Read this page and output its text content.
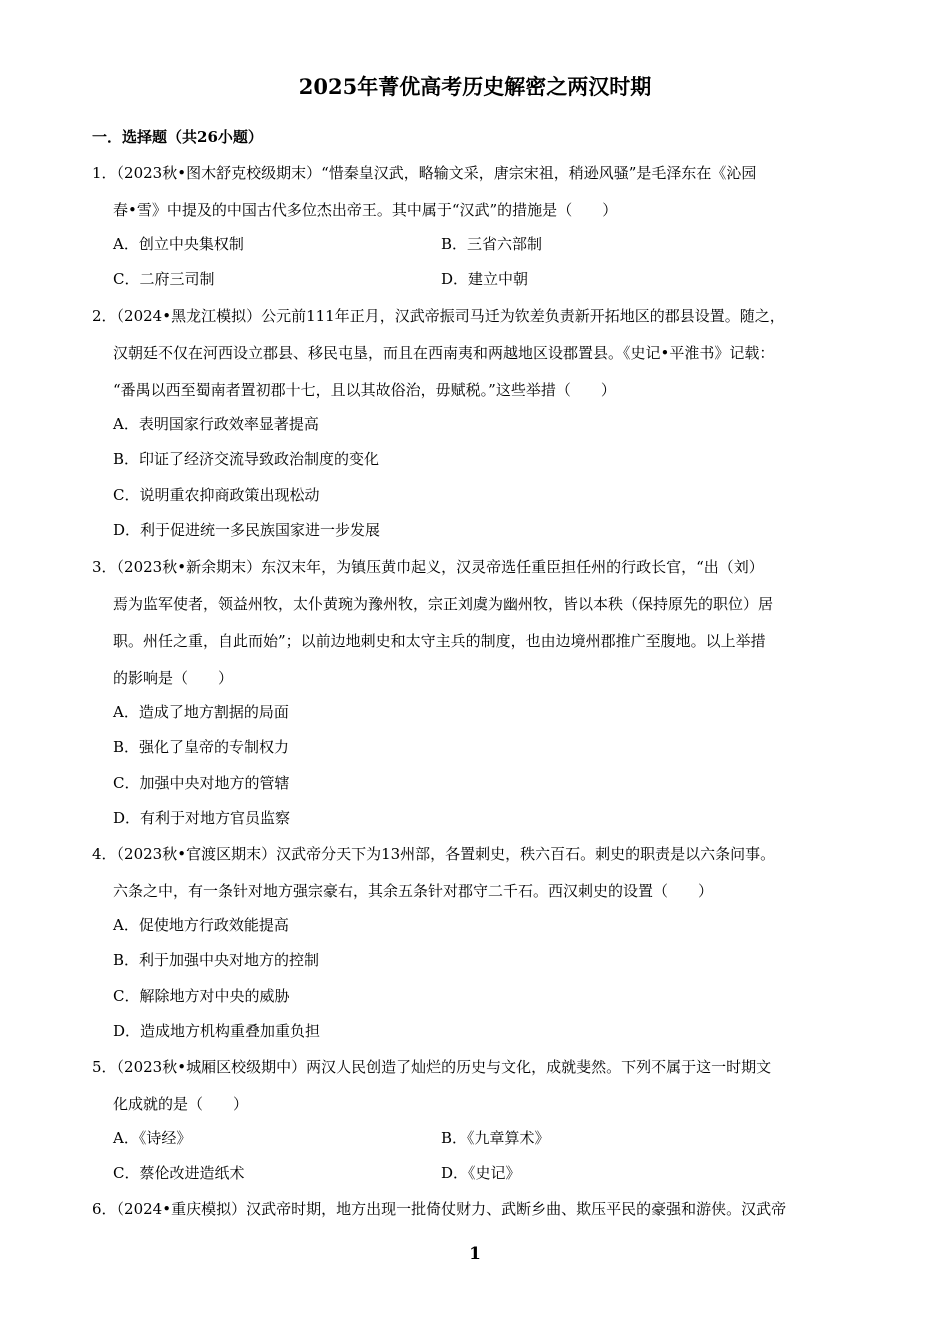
2025年菁优高考历史解密之两汉时期
一．选择题（共26小题）
1．（2023秋•图木舒克校级期末）“惜秦皇汉武，略输文采，唐宗宋祖，稍逊风骚”是毛泽东在《沁园
春•雪》中提及的中国古代多位杰出帝王。其中属于“汉武”的措施是（　　）
A．创立中央集权制	B．三省六部制
C．二府三司制	D．建立中朝
2．（2024•黑龙江模拟）公元前111年正月，汉武帝振司马迁为钦差负责新开拓地区的郡县设置。随之，
汉朝廷不仅在河西设立郡县、移民屯垦，而且在西南夷和两越地区设郡置县。《史记•平淮书》记载：
“番禺以西至蜀南者置初郡十七，且以其故俗治，毋赋税。”这些举措（　　）
A．表明国家行政效率显著提高
B．印证了经济交流导致政治制度的变化
C．说明重农抑商政策出现松动
D．利于促进统一多民族国家进一步发展
3．（2023秋•新余期末）东汉末年，为镇压黄巾起义，汉灵帝选任重臣担任州的行政长官，“出（刘）
焉为监军使者，领益州牧，太仆黄琬为豫州牧，宗正刘虞为幽州牧，皆以本秩（保持原先的职位）居
职。州任之重，自此而始”；以前边地刺史和太守主兵的制度，也由边境州郡推广至腹地。以上举措
的影响是（　　）
A．造成了地方割据的局面
B．强化了皇帝的专制权力
C．加强中央对地方的管辖
D．有利于对地方官员监察
4．（2023秋•官渡区期末）汉武帝分天下为13州部，各置刺史，秩六百石。刺史的职责是以六条问事。
六条之中，有一条针对地方强宗豪右，其余五条针对郡守二千石。西汉刺史的设置（　　）
A．促使地方行政效能提高
B．利于加强中央对地方的控制
C．解除地方对中央的威胁
D．造成地方机构重叠加重负担
5．（2023秋•城厢区校级期中）两汉人民创造了灿烂的历史与文化，成就斐然。下列不属于这一时期文
化成就的是（　　）
A．《诗经》	B．《九章算术》
C．蔡伦改进造纸术	D．《史记》
6．（2024•重庆模拟）汉武帝时期，地方出现一批倚仗财力、武断乡曲、欺压平民的豪强和游侠。汉武帝
1
